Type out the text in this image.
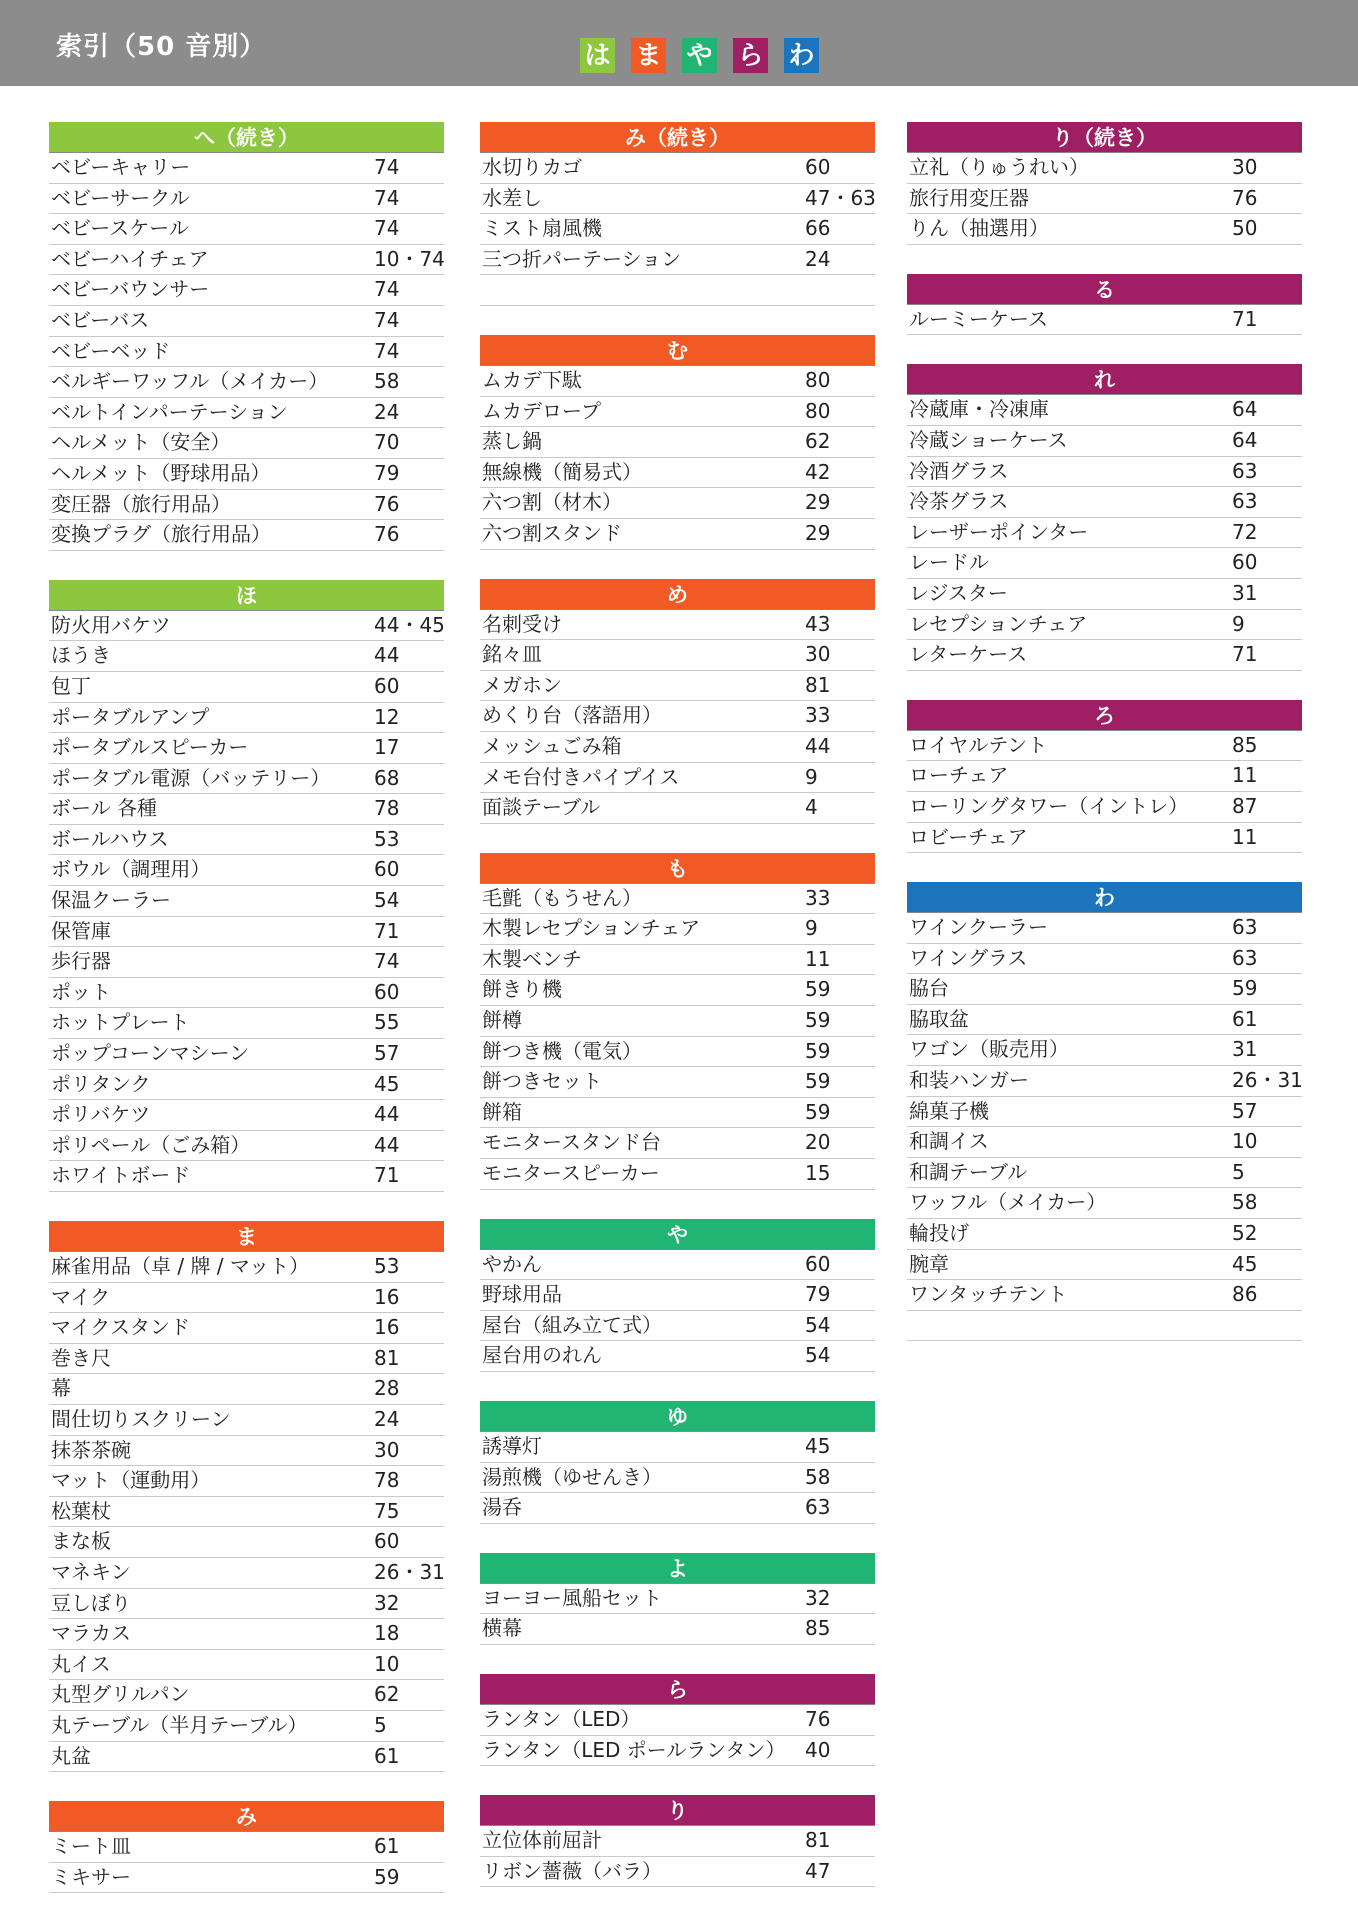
索引（50 音別）	は ま や ら わ
へ（続き）
ベビーキャリー	74
ベビーサークル	74
ベビースケール	74
ベビーハイチェア	10・74
ベビーバウンサー	74
ベビーバス	74
ベビーベッド	74
ベルギーワッフル（メイカー） 58
ベルトインパーテーション	24
ヘルメット（安全）	70
ヘルメット（野球用品）	79
変圧器（旅行用品）	76
変換プラグ（旅行用品）	76
ほ
防火用バケツ	44・45
ほうき	44
包丁	60
ポータブルアンプ	12
ポータブルスピーカー	17
ポータブル電源（バッテリー） 68
ボール 各種	78
ボールハウス	53
ボウル（調理用）	60
保温クーラー	54
保管庫	71
歩行器	74
ポット	60
ホットプレート	55
ポップコーンマシーン	57
ポリタンク	45
ポリバケツ	44
ポリペール（ごみ箱）	44
ホワイトボード	71
ま
麻雀用品（卓 / 牌 / マット）	53
マイク	16
マイクスタンド	16
巻き尺	81
幕	28
間仕切りスクリーン	24
抹茶茶碗	30
マット（運動用）	78
松葉杖	75
まな板	60
マネキン	26・31
豆しぼり	32
マラカス	18
丸イス	10
丸型グリルパン	62
丸テーブル（半月テーブル）	5
丸盆	61
み
ミート皿	61
ミキサー	59
み（続き）
水切りカゴ	60
水差し	47・63
ミスト扇風機	66
三つ折パーテーション	24
む
ムカデ下駄	80
ムカデロープ	80
蒸し鍋	62
無線機（簡易式）	42
六つ割（材木）	29
六つ割スタンド	29
め
名刺受け	43
銘々皿	30
メガホン	81
めくり台（落語用）	33
メッシュごみ箱	44
メモ台付きパイプイス	9
面談テーブル	4
も
毛氈（もうせん）	33
木製レセプションチェア	9
木製ベンチ	11
餅きり機	59
餅樽	59
餅つき機（電気）	59
餅つきセット	59
餅箱	59
モニタースタンド台	20
モニタースピーカー	15
や
やかん	60
野球用品	79
屋台（組み立て式）	54
屋台用のれん	54
ゆ
誘導灯	45
湯煎機（ゆせんき）	58
湯呑	63
よ
ヨーヨー風船セット	32
横幕	85
ら
ランタン（LED）	76
ランタン（LED ポールランタン） 40
り
立位体前屈計	81
リボン薔薇（バラ）	47
り（続き）
立礼（りゅうれい）	30
旅行用変圧器	76
りん（抽選用）	50
る
ルーミーケース	71
れ
冷蔵庫・冷凍庫	64
冷蔵ショーケース	64
冷酒グラス	63
冷茶グラス	63
レーザーポインター	72
レードル	60
レジスター	31
レセプションチェア	9
レターケース	71
ろ
ロイヤルテント	85
ローチェア	11
ローリングタワー（イントレ） 87
ロビーチェア	11
わ
ワインクーラー	63
ワイングラス	63
脇台	59
脇取盆	61
ワゴン（販売用）	31
和装ハンガー	26・31
綿菓子機	57
和調イス	10
和調テーブル	5
ワッフル（メイカー）	58
輪投げ	52
腕章	45
ワンタッチテント	86
